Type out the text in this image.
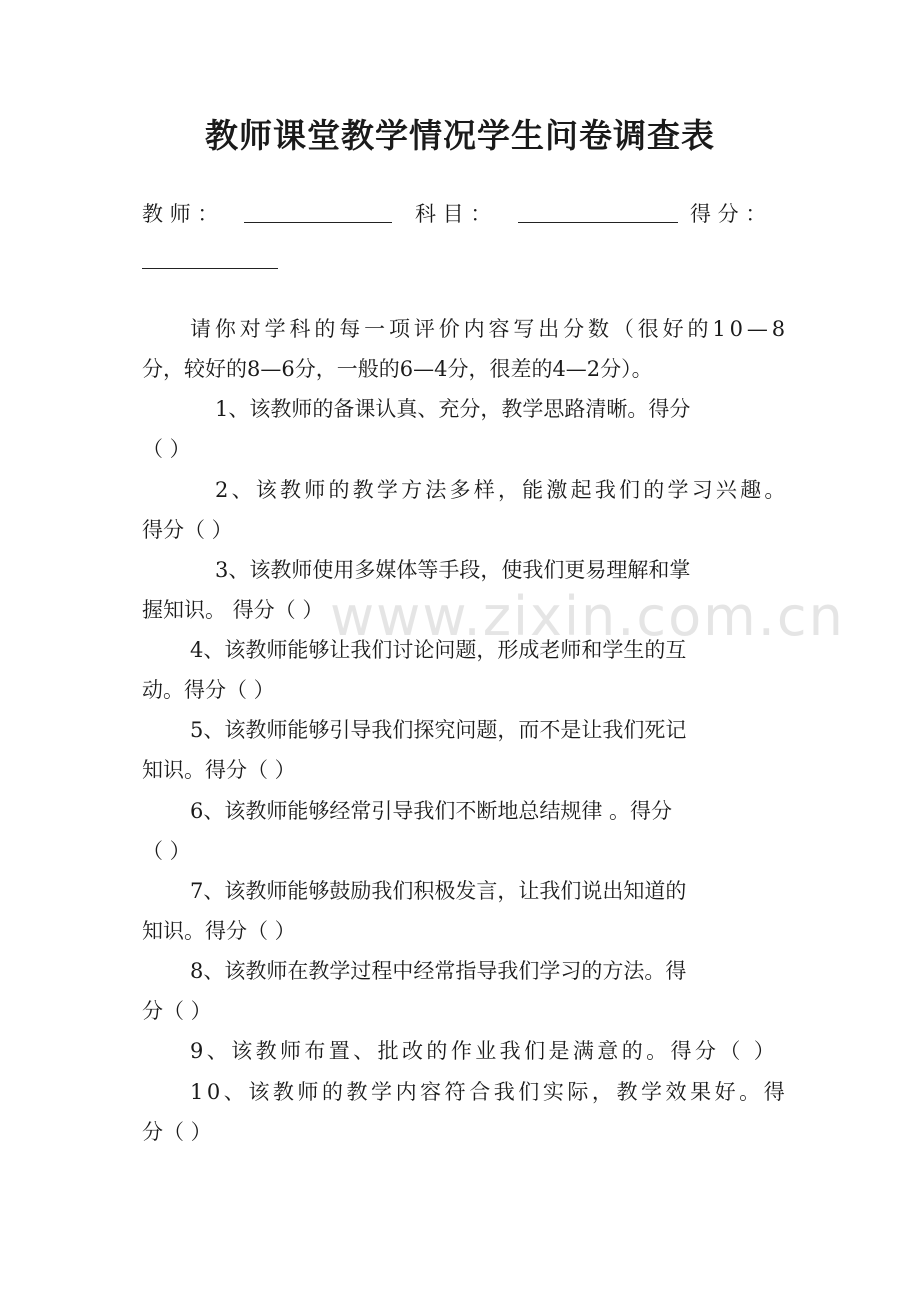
www.zixin.com.cn
教师课堂教学情况学生问卷调查表
教 师 ：	科 目 ：	得 分 ：
请你对学科的每一项评价内容写出分数（很好的10—8
分，较好的8—6分，一般的6—4分，很差的4—2分）。
1、该教师的备课认真、充分，教学思路清晰。得分
（ ）
2、该教师的教学方法多样，能激起我们的学习兴趣。
得分（ ）
3、该教师使用多媒体等手段，使我们更易理解和掌
握知识。 得分（ ）
4、该教师能够让我们讨论问题，形成老师和学生的互
动。得分（ ）
5、该教师能够引导我们探究问题，而不是让我们死记
知识。得分（ ）
6、该教师能够经常引导我们不断地总结规律 。得分
（ ）
7、该教师能够鼓励我们积极发言，让我们说出知道的
知识。得分（ ）
8、该教师在教学过程中经常指导我们学习的方法。得
分（ ）
9、该教师布置、批改的作业我们是满意的。得分（ ）
10、该教师的教学内容符合我们实际，教学效果好。得
分（ ）
